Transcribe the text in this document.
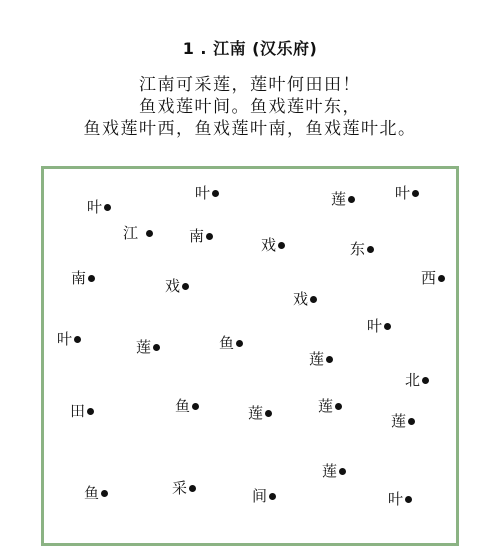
1 . 江南 (汉乐府)
江南可采莲，莲叶何田田！
鱼戏莲叶间。鱼戏莲叶东，
鱼戏莲叶西，鱼戏莲叶南，鱼戏莲叶北。
叶
叶	莲	叶
江	南	戏	东
南	戏	西
戏
叶
叶	莲	鱼
莲
北
田	鱼	莲	莲
莲
莲
鱼	采	间	叶
